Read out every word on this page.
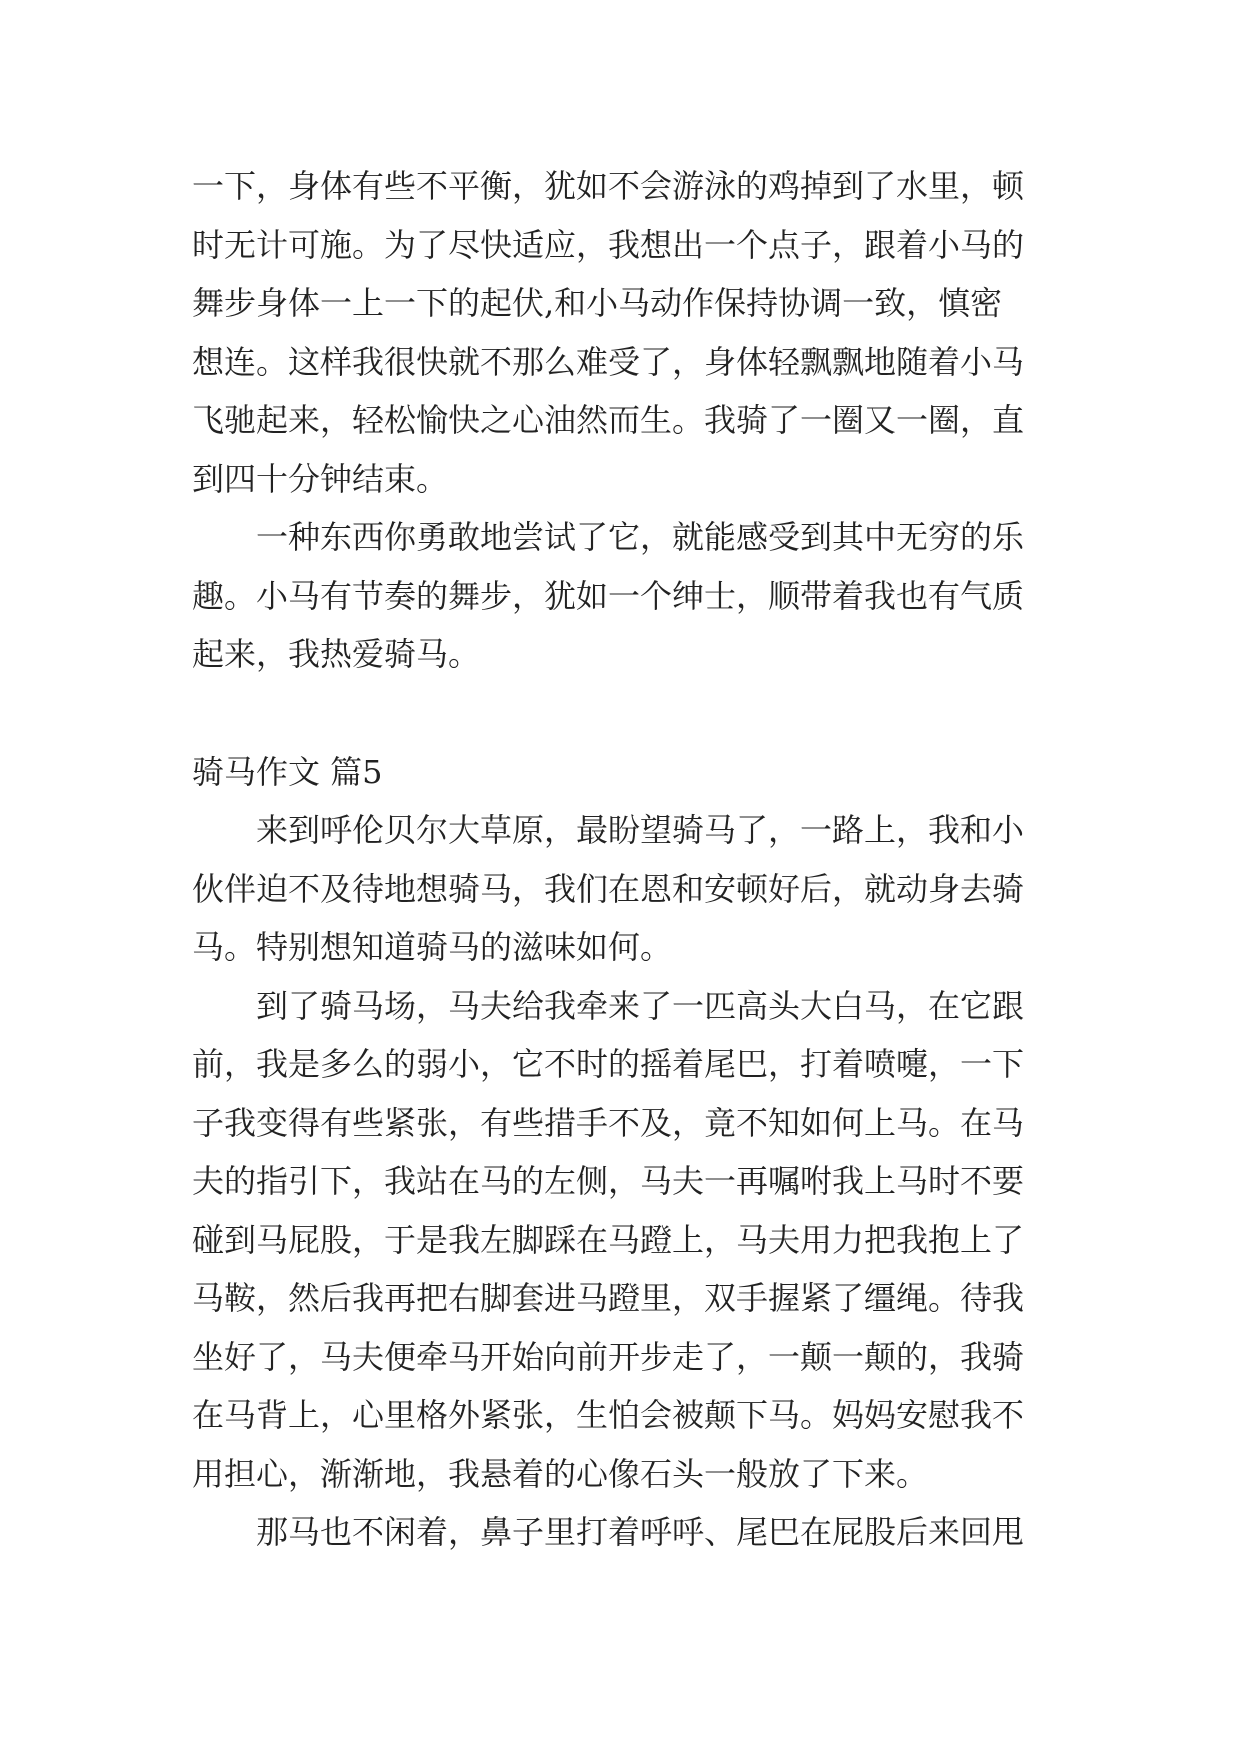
一下，身体有些不平衡，犹如不会游泳的鸡掉到了水里，顿
时无计可施。为了尽快适应，我想出一个点子，跟着小马的
舞步身体一上一下的起伏,和小马动作保持协调一致，慎密
想连。这样我很快就不那么难受了，身体轻飘飘地随着小马
飞驰起来，轻松愉快之心油然而生。我骑了一圈又一圈，直
到四十分钟结束。
一种东西你勇敢地尝试了它，就能感受到其中无穷的乐
趣。小马有节奏的舞步，犹如一个绅士，顺带着我也有气质
起来，我热爱骑马。
骑马作文 篇5
来到呼伦贝尔大草原，最盼望骑马了，一路上，我和小
伙伴迫不及待地想骑马，我们在恩和安顿好后，就动身去骑
马。特别想知道骑马的滋味如何。
到了骑马场，马夫给我牵来了一匹高头大白马，在它跟
前，我是多么的弱小，它不时的摇着尾巴，打着喷嚏，一下
子我变得有些紧张，有些措手不及，竟不知如何上马。在马
夫的指引下，我站在马的左侧，马夫一再嘱咐我上马时不要
碰到马屁股，于是我左脚踩在马蹬上，马夫用力把我抱上了
马鞍，然后我再把右脚套进马蹬里，双手握紧了缰绳。待我
坐好了，马夫便牵马开始向前开步走了，一颠一颠的，我骑
在马背上，心里格外紧张，生怕会被颠下马。妈妈安慰我不
用担心，渐渐地，我悬着的心像石头一般放了下来。
那马也不闲着，鼻子里打着呼呼、尾巴在屁股后来回甩
